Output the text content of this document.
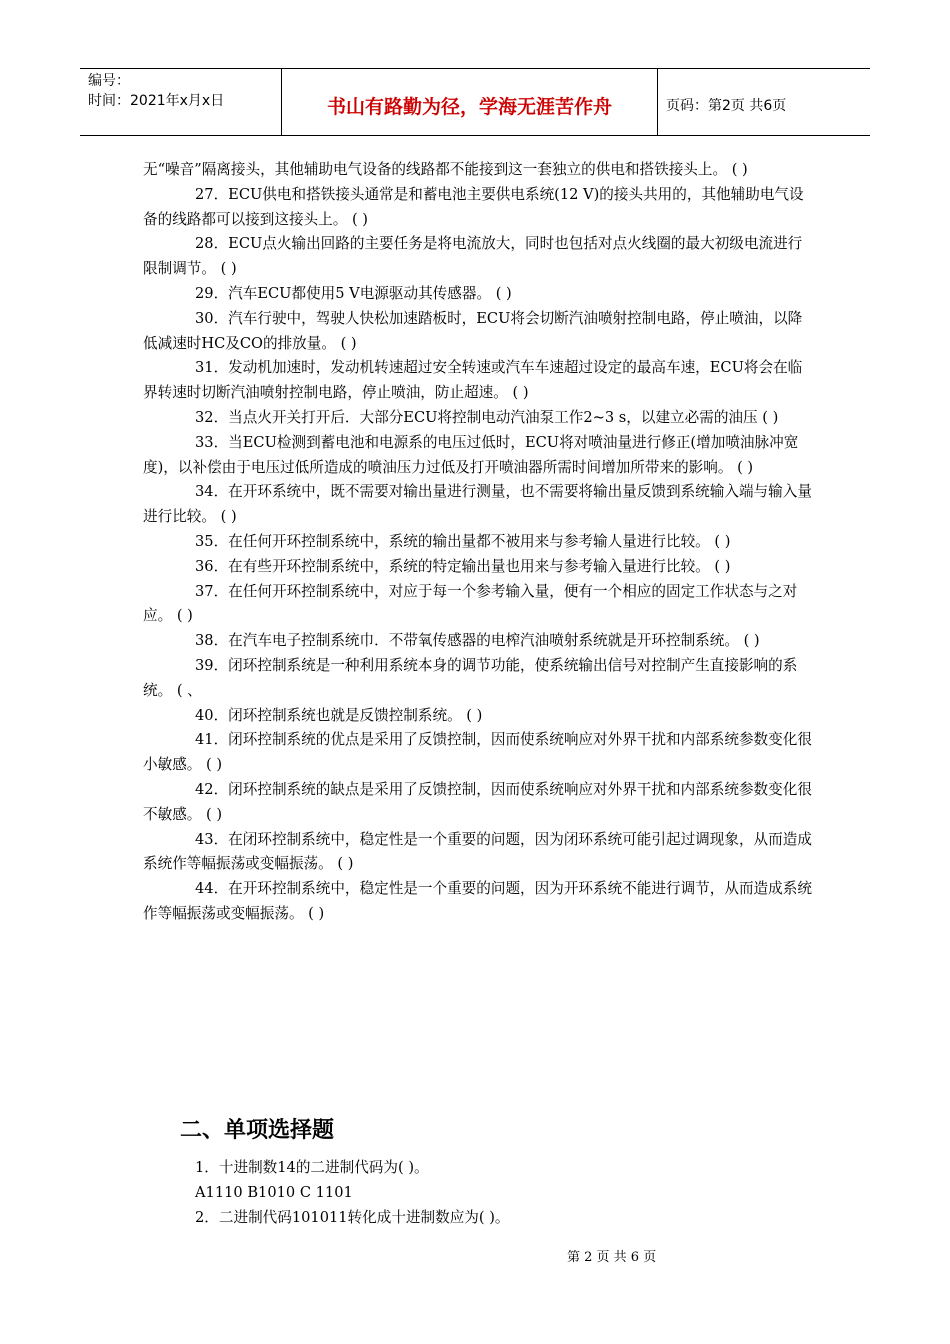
编号：
时间：2021年x月x日	书山有路勤为径，学海无涯苦作舟	页码：第2页 共6页

无“噪音”隔离接头，其他辅助电气设备的线路都不能接到这一套独立的供电和搭铁接头上。 ( )

27．ECU供电和搭铁接头通常是和蓄电池主要供电系统(12 V)的接头共用的，其他辅助电气设备的线路都可以接到这接头上。 ( )

28．ECU点火输出回路的主要任务是将电流放大，同时也包括对点火线圈的最大初级电流进行限制调节。 ( )

29．汽车ECU都使用5 V电源驱动其传感器。 ( )

30．汽车行驶中，驾驶人快松加速踏板时，ECU将会切断汽油喷射控制电路，停止喷油，以降低减速时HC及CO的排放量。 ( )

31．发动机加速时，发动机转速超过安全转速或汽车车速超过设定的最高车速，ECU将会在临界转速时切断汽油喷射控制电路，停止喷油，防止超速。 ( )

32．当点火开关打开后．大部分ECU将控制电动汽油泵工作2~3 s，以建立必需的油压 ( )

33．当ECU检测到蓄电池和电源系的电压过低时，ECU将对喷油量进行修正(增加喷油脉冲宽度)，以补偿由于电压过低所造成的喷油压力过低及打开喷油器所需时间增加所带来的影响。 ( )

34．在开环系统中，既不需要对输出量进行测量，也不需要将输出量反馈到系统输入端与输入量进行比较。 ( )

35．在任何开环控制系统中，系统的输出量都不被用来与参考输人量进行比较。 ( )

36．在有些开环控制系统中，系统的特定输出量也用来与参考输入量进行比较。 ( )

37．在任何开环控制系统中，对应于每一个参考输入量，便有一个相应的固定工作状态与之对应。 ( )

38．在汽车电子控制系统巾．不带氧传感器的电榨汽油喷射系统就是开环控制系统。 ( )

39．闭环控制系统是一种利用系统本身的调节功能，使系统输出信号对控制产生直接影响的系统。 ( 、

40．闭环控制系统也就是反馈控制系统。 ( )

41．闭环控制系统的优点是采用了反馈控制，因而使系统响应对外界干扰和内部系统参数变化很小敏感。 ( )

42．闭环控制系统的缺点是采用了反馈控制，因而使系统响应对外界干扰和内部系统参数变化很不敏感。 ( )

43．在闭环控制系统中，稳定性是一个重要的问题，因为闭环系统可能引起过调现象，从而造成系统作等幅振荡或变幅振荡。 ( )

44．在开环控制系统中，稳定性是一个重要的问题，因为开环系统不能进行调节，从而造成系统作等幅振荡或变幅振荡。 ( )

二、单项选择题
1．十进制数14的二进制代码为( )。
A1110 B1010 C 1101
2．二进制代码101011转化成十进制数应为( )。
第 2 页 共 6 页
